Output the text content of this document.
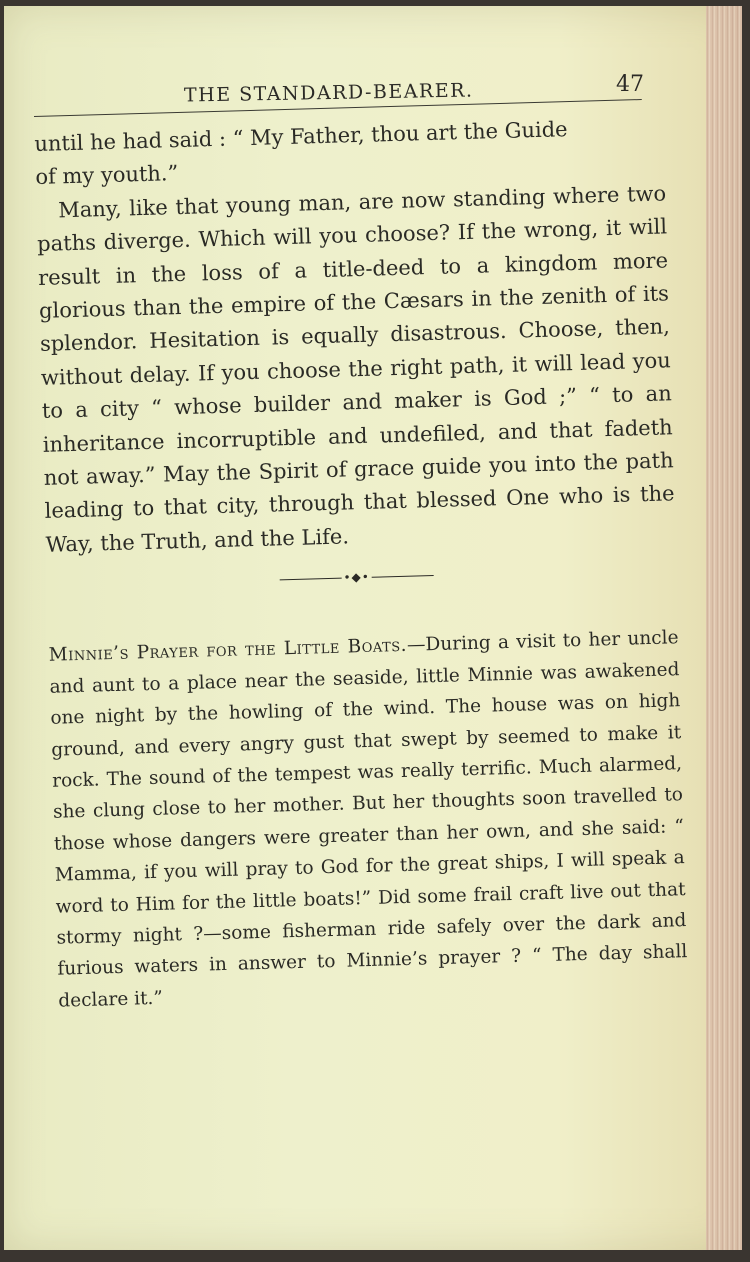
THE STANDARD-BEARER.	47

until he had said : “ My Father, thou art the Guide

of my youth.”

Many, like that young man, are now standing where two paths diverge. Which will you choose? If the wrong, it will result in the loss of a title-deed to a kingdom more glorious than the empire of the Cæsars in the zenith of its splendor. Hesitation is equally disastrous. Choose, then, without delay. If you choose the right path, it will lead you to a city “ whose builder and maker is God ;” “ to an inheritance incorruptible and undefiled, and that fadeth not away.” May the Spirit of grace guide you into the path leading to that city, through that blessed One who is the Way, the Truth, and the Life.

•◆•

Minnie’s Prayer for the Little Boats.—During a visit to her uncle and aunt to a place near the seaside, little Minnie was awakened one night by the howling of the wind. The house was on high ground, and every angry gust that swept by seemed to make it rock. The sound of the tempest was really terrific. Much alarmed, she clung close to her mother. But her thoughts soon travelled to those whose dangers were greater than her own, and she said: “ Mamma, if you will pray to God for the great ships, I will speak a word to Him for the little boats!” Did some frail craft live out that stormy night ?—some fisherman ride safely over the dark and furious waters in answer to Minnie’s prayer ? “ The day shall declare it.”
